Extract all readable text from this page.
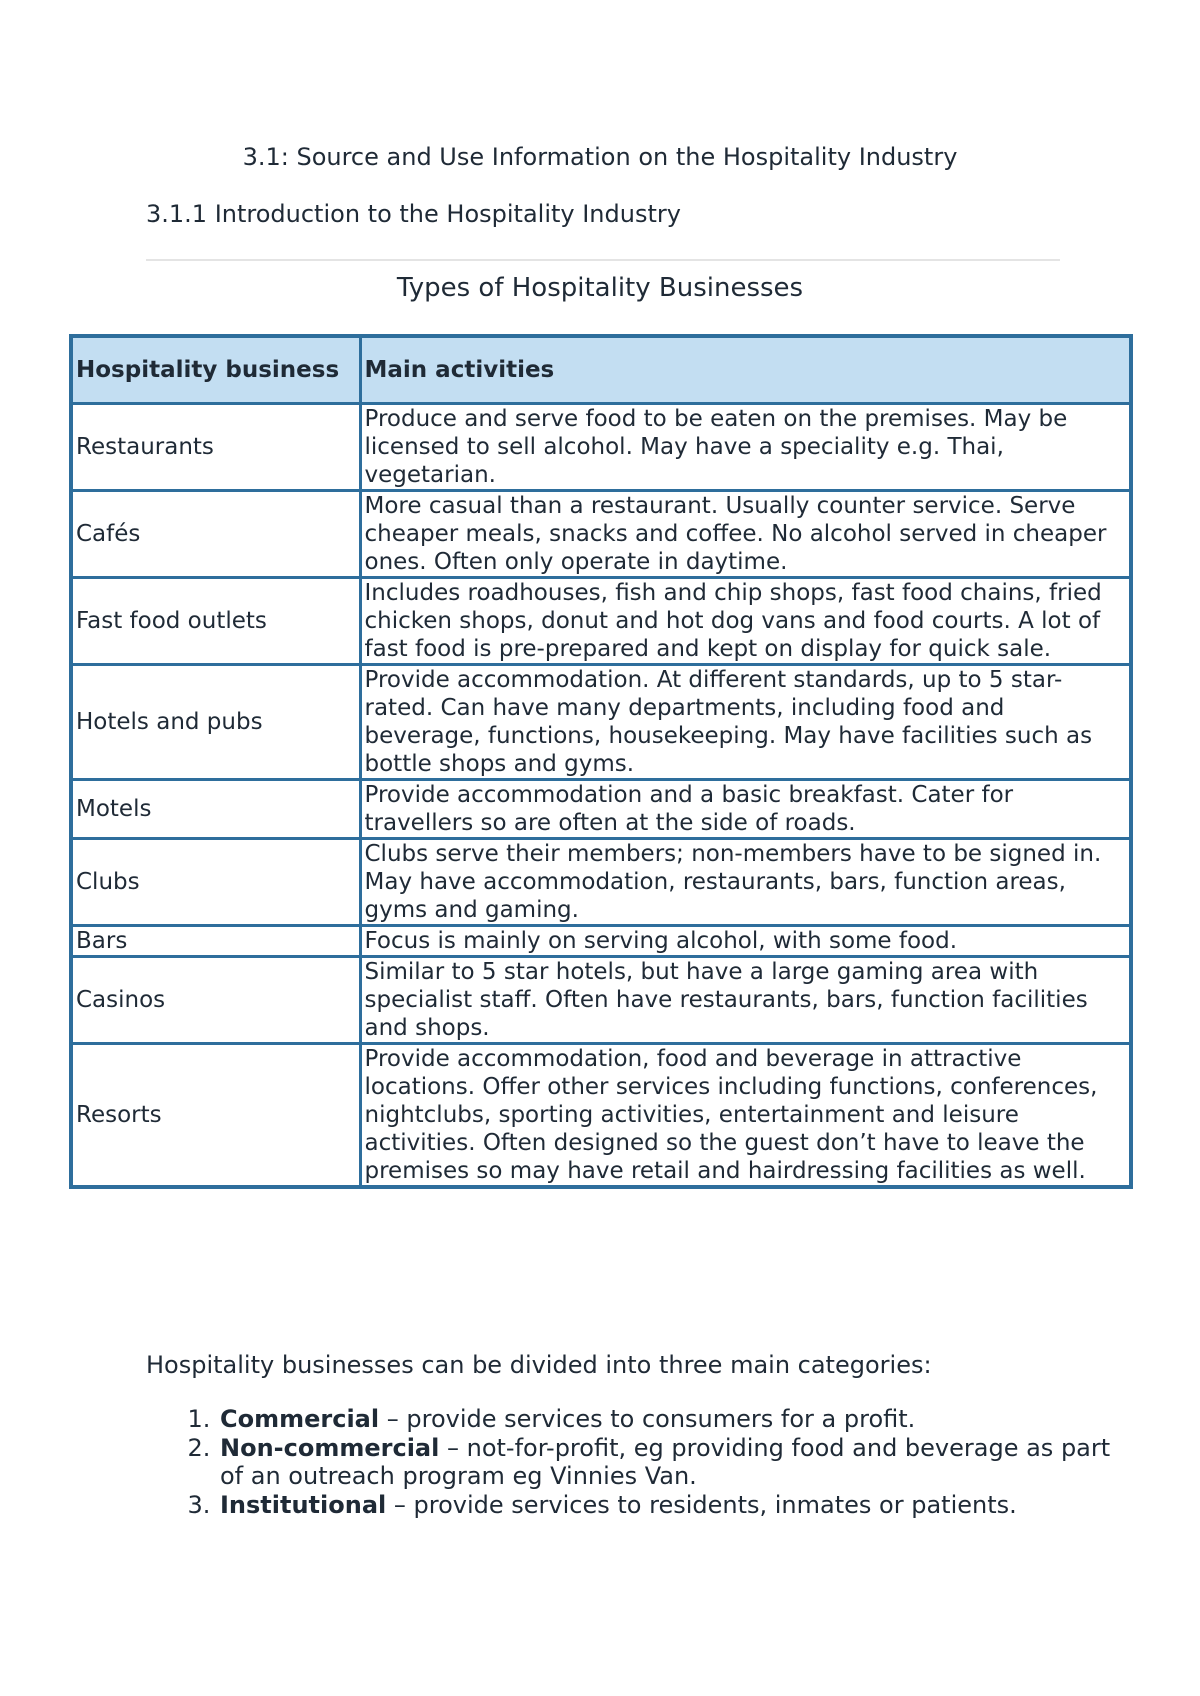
3.1: Source and Use Information on the Hospitality Industry
3.1.1 Introduction to the Hospitality Industry
Types of Hospitality Businesses
Hospitality business	Main activities
Restaurants	Produce and serve food to be eaten on the premises. May be licensed to sell alcohol. May have a speciality e.g. Thai, vegetarian.
Cafés	More casual than a restaurant. Usually counter service. Serve cheaper meals, snacks and coffee. No alcohol served in cheaper ones. Often only operate in daytime.
Fast food outlets	Includes roadhouses, fish and chip shops, fast food chains, fried chicken shops, donut and hot dog vans and food courts. A lot of fast food is pre-prepared and kept on display for quick sale.
Hotels and pubs	Provide accommodation. At different standards, up to 5 star-rated. Can have many departments, including food and beverage, functions, housekeeping. May have facilities such as bottle shops and gyms.
Motels	Provide accommodation and a basic breakfast. Cater for travellers so are often at the side of roads.
Clubs	Clubs serve their members; non-members have to be signed in. May have accommodation, restaurants, bars, function areas, gyms and gaming.
Bars	Focus is mainly on serving alcohol, with some food.
Casinos	Similar to 5 star hotels, but have a large gaming area with specialist staff. Often have restaurants, bars, function facilities and shops.
Resorts	Provide accommodation, food and beverage in attractive locations. Offer other services including functions, conferences, nightclubs, sporting activities, entertainment and leisure activities. Often designed so the guest don’t have to leave the premises so may have retail and hairdressing facilities as well.
Hospitality businesses can be divided into three main categories:
1. Commercial – provide services to consumers for a profit.
2. Non-commercial – not-for-profit, eg providing food and beverage as part of an outreach program eg Vinnies Van.
3. Institutional – provide services to residents, inmates or patients.
